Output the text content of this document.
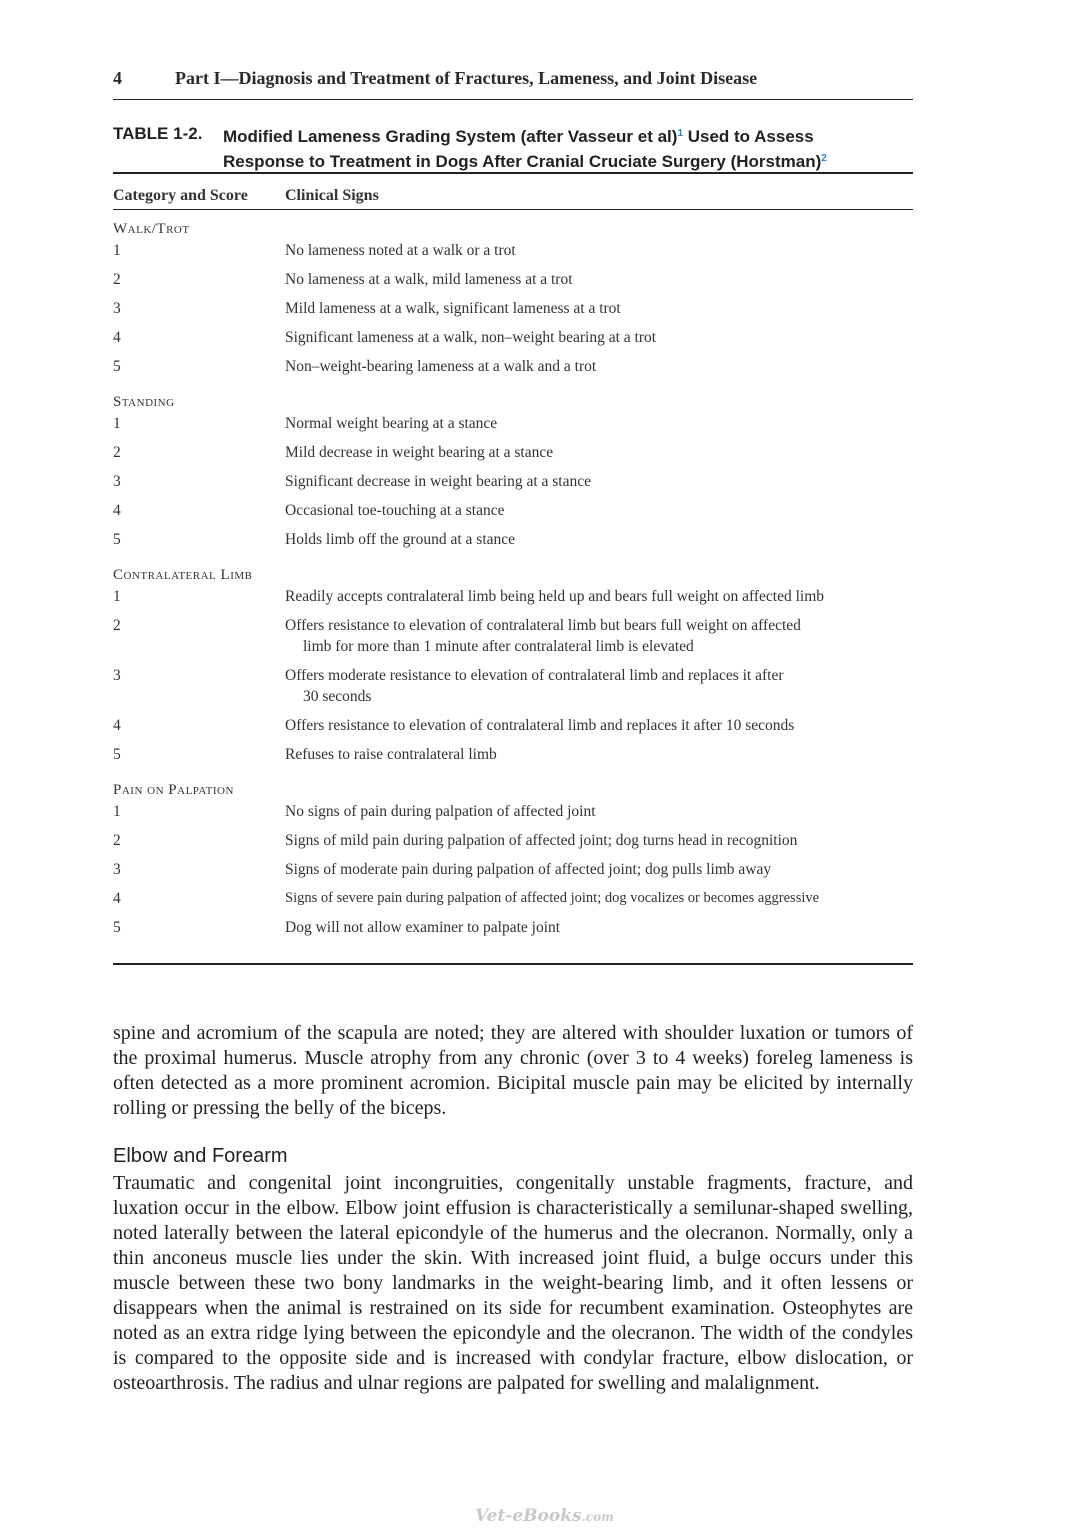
4	Part I—Diagnosis and Treatment of Fractures, Lameness, and Joint Disease
TABLE 1-2. Modified Lameness Grading System (after Vasseur et al)$^1$ Used to Assess
Response to Treatment in Dogs After Cranial Cruciate Surgery (Horstman)$^2$
Category and Score Clinical Signs
Walk/Trot
1	No lameness noted at a walk or a trot
2	No lameness at a walk, mild lameness at a trot
3	Mild lameness at a walk, significant lameness at a trot
4	Significant lameness at a walk, non–weight bearing at a trot
5	Non–weight-bearing lameness at a walk and a trot
Standing
1	Normal weight bearing at a stance
2	Mild decrease in weight bearing at a stance
3	Significant decrease in weight bearing at a stance
4	Occasional toe-touching at a stance
5	Holds limb off the ground at a stance
Contralateral Limb
1	Readily accepts contralateral limb being held up and bears full weight on affected limb
2	Offers resistance to elevation of contralateral limb but bears full weight on affected
limb for more than 1 minute after contralateral limb is elevated
3	Offers moderate resistance to elevation of contralateral limb and replaces it after
30 seconds
4	Offers resistance to elevation of contralateral limb and replaces it after 10 seconds
5	Refuses to raise contralateral limb
Pain on Palpation
1	No signs of pain during palpation of affected joint
2	Signs of mild pain during palpation of affected joint; dog turns head in recognition
3	Signs of moderate pain during palpation of affected joint; dog pulls limb away
4	Signs of severe pain during palpation of affected joint; dog vocalizes or becomes aggressive
5	Dog will not allow examiner to palpate joint
spine and acromium of the scapula are noted; they are altered with shoulder luxation or tumors of the proximal humerus. Muscle atrophy from any chronic (over 3 to 4 weeks) foreleg lameness is often detected as a more prominent acromion. Bicipital muscle pain may be elicited by internally rolling or pressing the belly of the biceps.
Elbow and Forearm
Traumatic and congenital joint incongruities, congenitally unstable fragments, fracture, and luxation occur in the elbow. Elbow joint effusion is characteristically a semilunar-shaped swelling, noted laterally between the lateral epicondyle of the humerus and the olecranon. Normally, only a thin anconeus muscle lies under the skin. With increased joint fluid, a bulge occurs under this muscle between these two bony landmarks in the weight-bearing limb, and it often lessens or disappears when the animal is restrained on its side for recumbent examination. Osteophytes are noted as an extra ridge lying between the epicondyle and the olecranon. The width of the condyles is compared to the opposite side and is increased with condylar fracture, elbow dislocation, or osteoarthrosis. The radius and ulnar regions are palpated for swelling and malalignment.
Vet-eBooks.com
